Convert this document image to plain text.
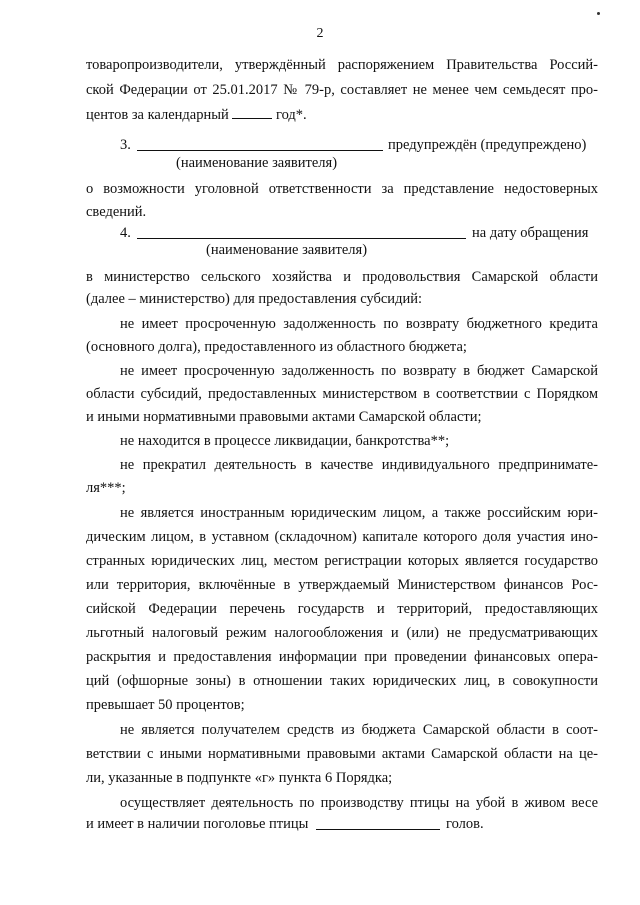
2
товаропроизводители, утверждённый распоряжением Правительства Россий-
ской Федерации от 25.01.2017 № 79-р, составляет не менее чем семьдесят про-
центов за календарный	год*.
3.	предупреждён (предупреждено)
(наименование заявителя)
о возможности уголовной ответственности за представление недостоверных
сведений.
4.	на дату обращения
(наименование заявителя)
в министерство сельского хозяйства и продовольствия Самарской области
(далее – министерство) для предоставления субсидий:
не имеет просроченную задолженность по возврату бюджетного кредита
(основного долга), предоставленного из областного бюджета;
не имеет просроченную задолженность по возврату в бюджет Самарской
области субсидий, предоставленных министерством в соответствии с Порядком
и иными нормативными правовыми актами Самарской области;
не находится в процессе ликвидации, банкротства**;
не прекратил деятельность в качестве индивидуального предпринимате-
ля***;
не является иностранным юридическим лицом, а также российским юри-
дическим лицом, в уставном (складочном) капитале которого доля участия ино-
странных юридических лиц, местом регистрации которых является государство
или территория, включённые в утверждаемый Министерством финансов Рос-
сийской Федерации перечень государств и территорий, предоставляющих
льготный налоговый режим налогообложения и (или) не предусматривающих
раскрытия и предоставления информации при проведении финансовых опера-
ций (офшорные зоны) в отношении таких юридических лиц, в совокупности
превышает 50 процентов;
не является получателем средств из бюджета Самарской области в соот-
ветствии с иными нормативными правовыми актами Самарской области на це-
ли, указанные в подпункте «г» пункта 6 Порядка;
осуществляет деятельность по производству птицы на убой в живом весе
и имеет в наличии поголовье птицы	голов.
